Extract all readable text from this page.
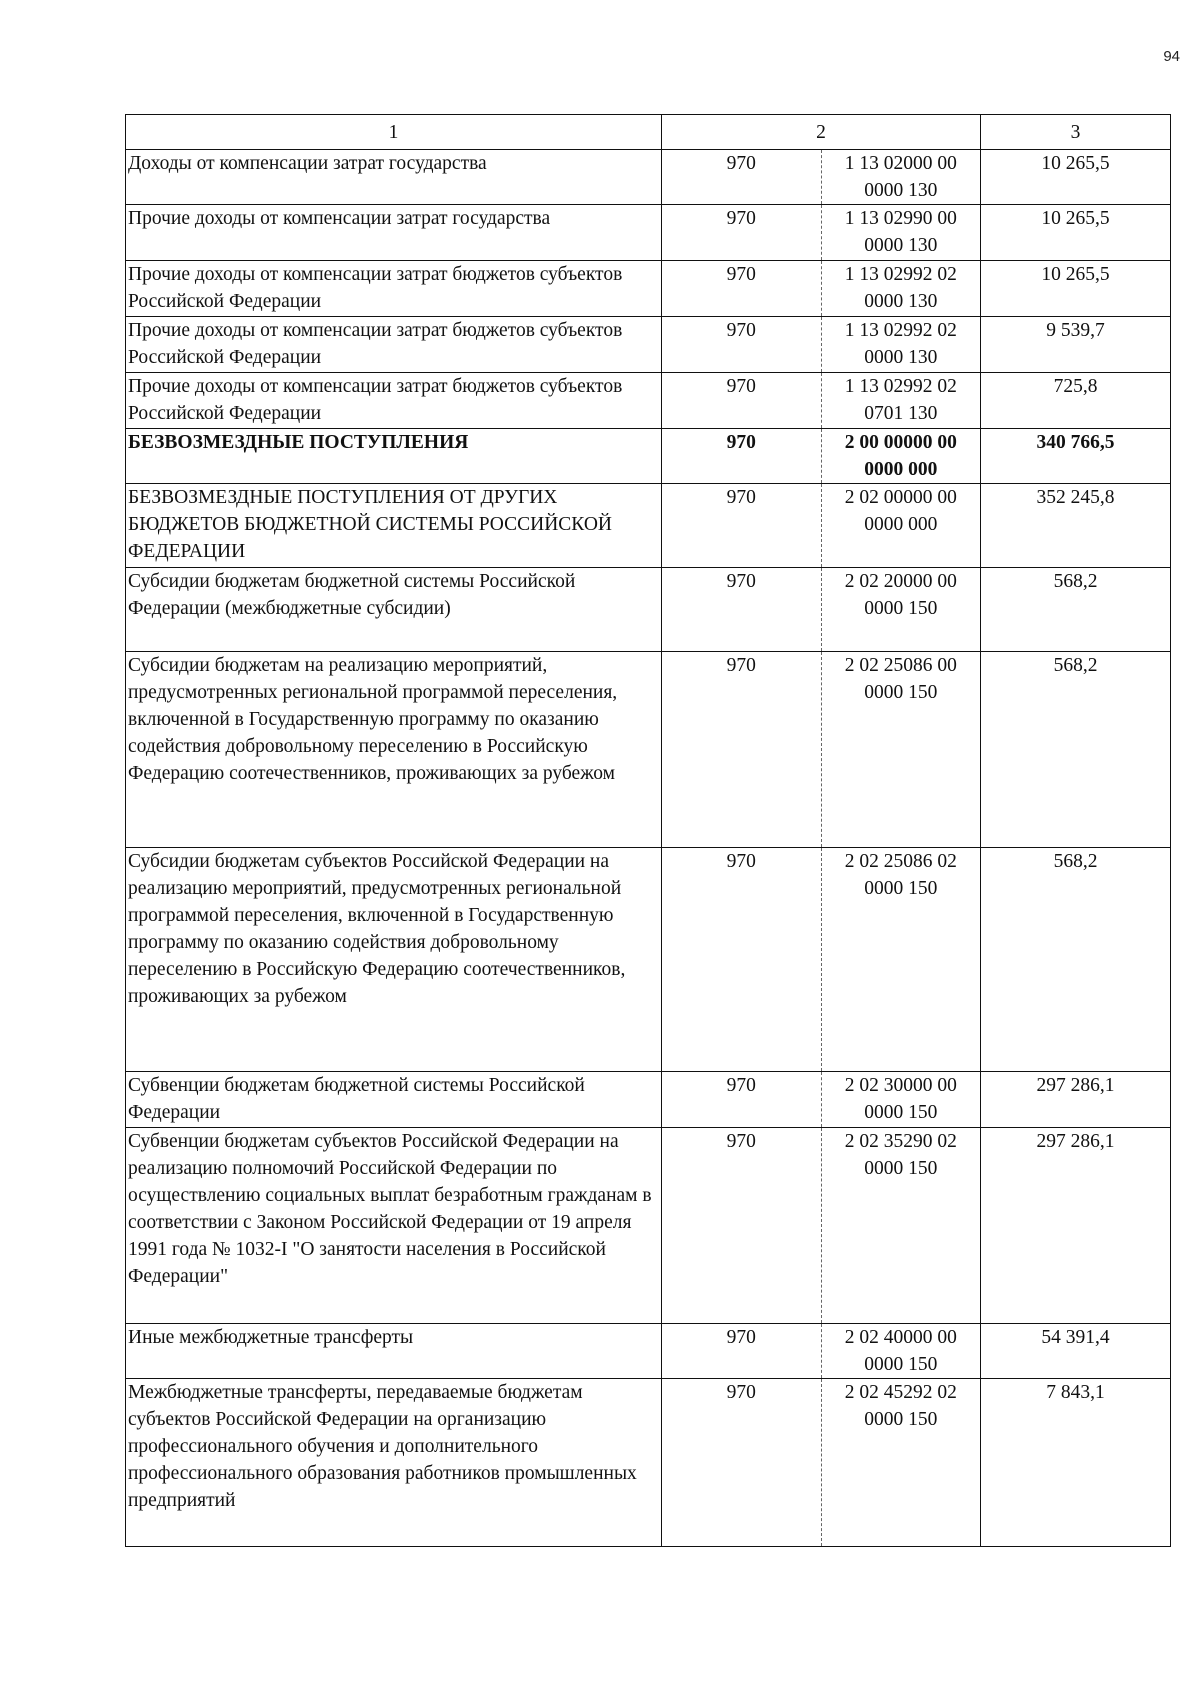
94
1	2		3
Доходы от компенсации затрат государства	970	1 13 02000 00 0000 130	10 265,5
Прочие доходы от компенсации затрат государства	970	1 13 02990 00 0000 130	10 265,5
Прочие доходы от компенсации затрат бюджетов субъектов Российской Федерации	970	1 13 02992 02 0000 130	10 265,5
Прочие доходы от компенсации затрат бюджетов субъектов Российской Федерации	970	1 13 02992 02 0000 130	9 539,7
Прочие доходы от компенсации затрат бюджетов субъектов Российской Федерации	970	1 13 02992 02 0701 130	725,8
БЕЗВОЗМЕЗДНЫЕ ПОСТУПЛЕНИЯ	970	2 00 00000 00 0000 000	340 766,5
БЕЗВОЗМЕЗДНЫЕ ПОСТУПЛЕНИЯ ОТ ДРУГИХ БЮДЖЕТОВ БЮДЖЕТНОЙ СИСТЕМЫ РОССИЙСКОЙ ФЕДЕРАЦИИ	970	2 02 00000 00 0000 000	352 245,8
Субсидии бюджетам бюджетной системы Российской Федерации (межбюджетные субсидии)	970	2 02 20000 00 0000 150	568,2
Субсидии бюджетам на реализацию мероприятий, предусмотренных региональной программой переселения, включенной в Государственную программу по оказанию содействия добровольному переселению в Российскую Федерацию соотечественников, проживающих за рубежом	970	2 02 25086 00 0000 150	568,2
Субсидии бюджетам субъектов Российской Федерации на реализацию мероприятий, предусмотренных региональной программой переселения, включенной в Государственную программу по оказанию содействия добровольному переселению в Российскую Федерацию соотечественников, проживающих за рубежом	970	2 02 25086 02 0000 150	568,2
Субвенции бюджетам бюджетной системы Российской Федерации	970	2 02 30000 00 0000 150	297 286,1
Субвенции бюджетам субъектов Российской Федерации на реализацию полномочий Российской Федерации по осуществлению социальных выплат безработным гражданам в соответствии с Законом Российской Федерации от 19 апреля 1991 года № 1032-I "О занятости населения в Российской Федерации"	970	2 02 35290 02 0000 150	297 286,1
Иные межбюджетные трансферты	970	2 02 40000 00 0000 150	54 391,4
Межбюджетные трансферты, передаваемые бюджетам субъектов Российской Федерации на организацию профессионального обучения и дополнительного профессионального образования работников промышленных предприятий	970	2 02 45292 02 0000 150	7 843,1
